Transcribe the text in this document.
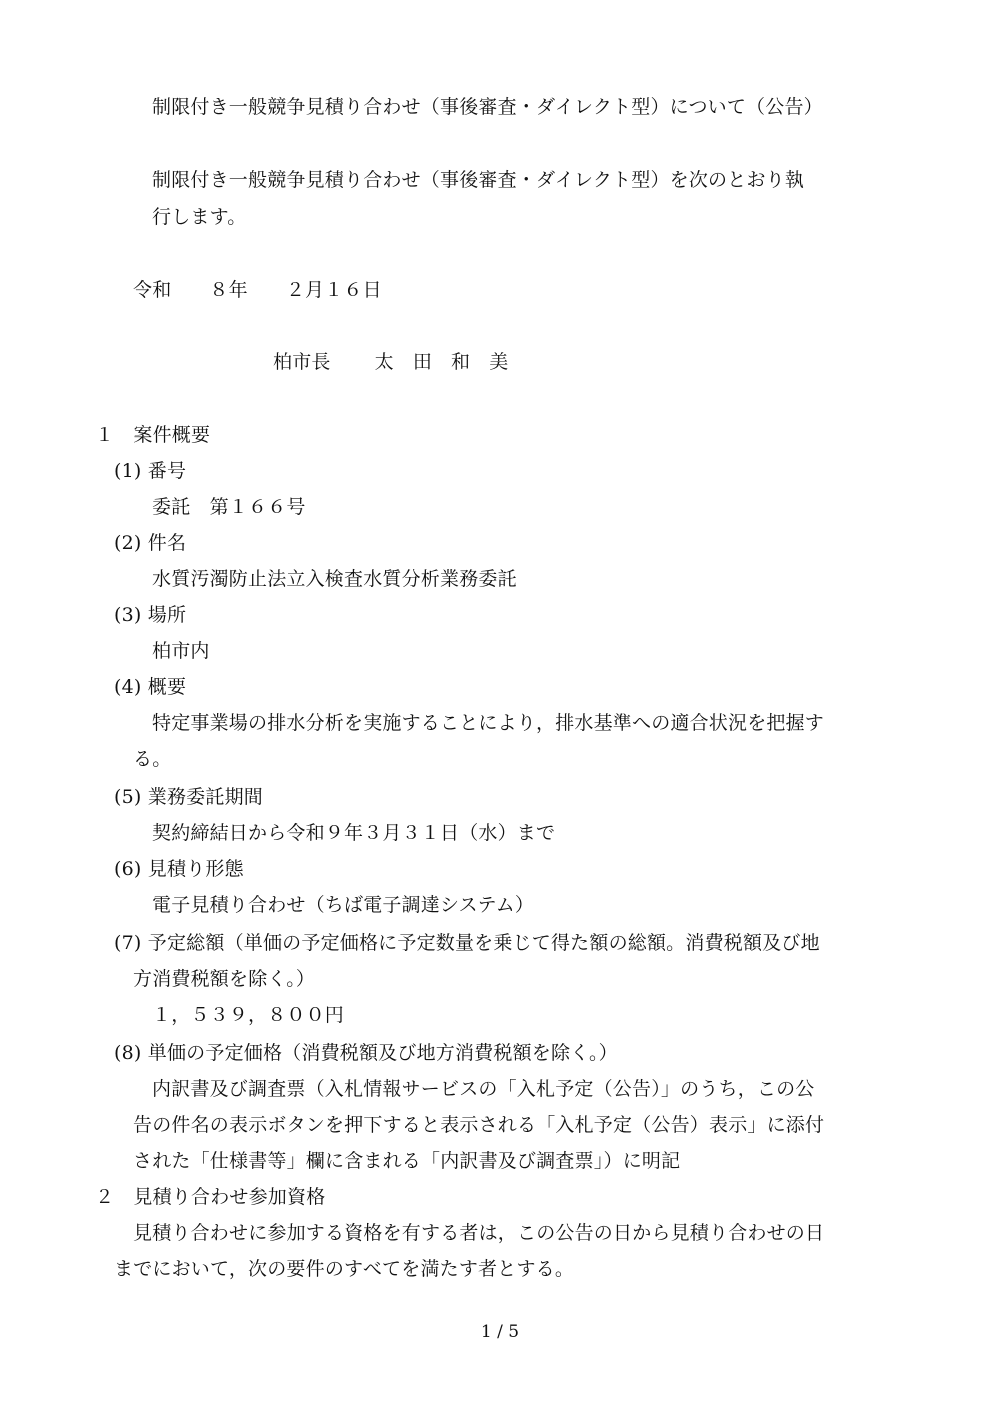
制限付き一般競争見積り合わせ（事後審査・ダイレクト型）について（公告）

制限付き一般競争見積り合わせ（事後審査・ダイレクト型）を次のとおり執

行します。

令和 ８年 ２月１６日

柏市長 太 田 和 美

１　案件概要

(1) 番号

委託　第１６６号

(2) 件名

水質汚濁防止法立入検査水質分析業務委託

(3) 場所

柏市内

(4) 概要

特定事業場の排水分析を実施することにより，排水基準への適合状況を把握す

る。

(5) 業務委託期間

契約締結日から令和９年３月３１日（水）まで

(6) 見積り形態

電子見積り合わせ（ちば電子調達システム）

(7) 予定総額（単価の予定価格に予定数量を乗じて得た額の総額。消費税額及び地

方消費税額を除く。）

１，５３９，８００円

(8) 単価の予定価格（消費税額及び地方消費税額を除く。）

内訳書及び調査票（入札情報サービスの「入札予定（公告）」のうち，この公

告の件名の表示ボタンを押下すると表示される「入札予定（公告）表示」に添付

された「仕様書等」欄に含まれる「内訳書及び調査票」）に明記

２　見積り合わせ参加資格

見積り合わせに参加する資格を有する者は，この公告の日から見積り合わせの日

までにおいて，次の要件のすべてを満たす者とする。

1 / 5
